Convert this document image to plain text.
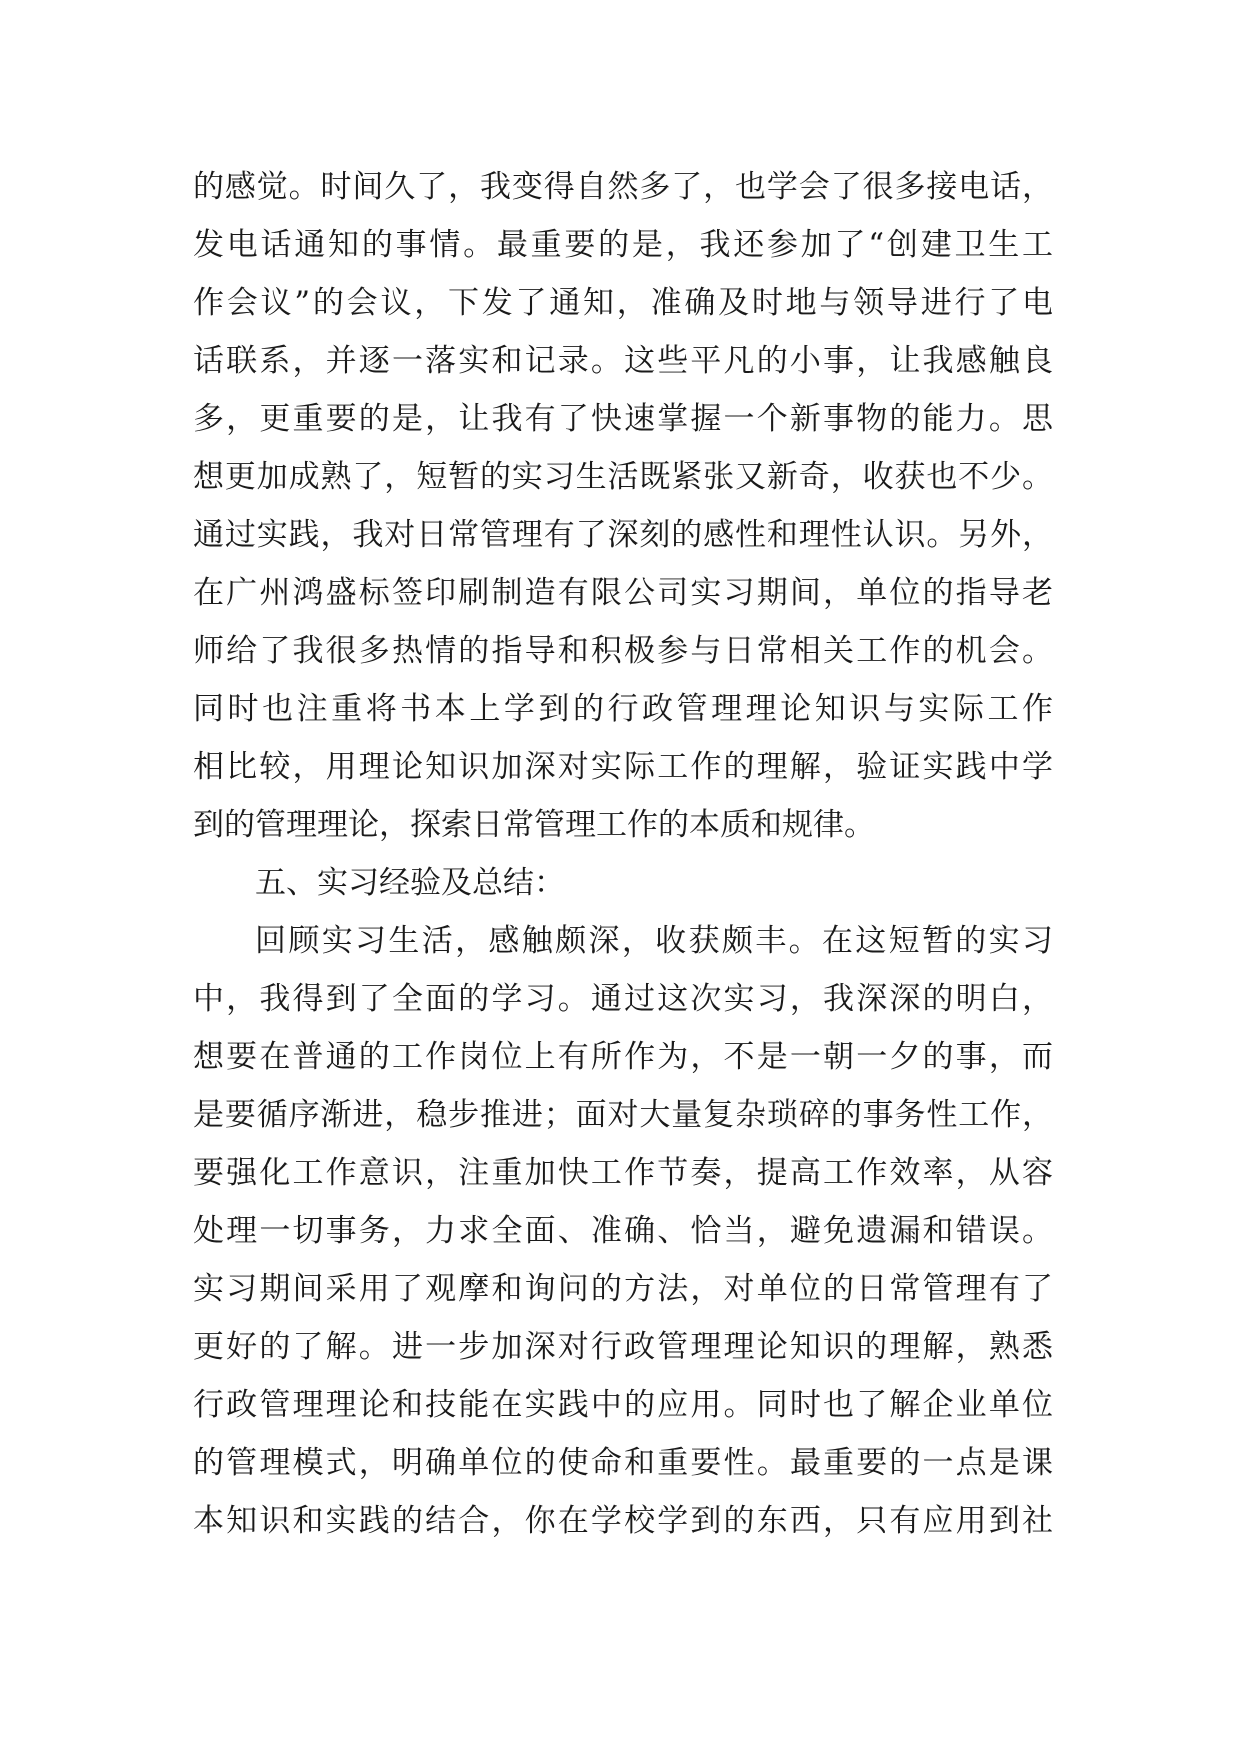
的感觉。时间久了，我变得自然多了，也学会了很多接电话，
发电话通知的事情。最重要的是，我还参加了“创建卫生工
作会议”的会议，下发了通知，准确及时地与领导进行了电
话联系，并逐一落实和记录。这些平凡的小事，让我感触良
多，更重要的是，让我有了快速掌握一个新事物的能力。思
想更加成熟了，短暂的实习生活既紧张又新奇，收获也不少。
通过实践，我对日常管理有了深刻的感性和理性认识。另外，
在广州鸿盛标签印刷制造有限公司实习期间，单位的指导老
师给了我很多热情的指导和积极参与日常相关工作的机会。
同时也注重将书本上学到的行政管理理论知识与实际工作
相比较，用理论知识加深对实际工作的理解，验证实践中学
到的管理理论，探索日常管理工作的本质和规律。
五、实习经验及总结：
回顾实习生活，感触颇深，收获颇丰。在这短暂的实习
中，我得到了全面的学习。通过这次实习，我深深的明白，
想要在普通的工作岗位上有所作为，不是一朝一夕的事，而
是要循序渐进，稳步推进；面对大量复杂琐碎的事务性工作，
要强化工作意识，注重加快工作节奏，提高工作效率，从容
处理一切事务，力求全面、准确、恰当，避免遗漏和错误。
实习期间采用了观摩和询问的方法，对单位的日常管理有了
更好的了解。进一步加深对行政管理理论知识的理解，熟悉
行政管理理论和技能在实践中的应用。同时也了解企业单位
的管理模式，明确单位的使命和重要性。最重要的一点是课
本知识和实践的结合，你在学校学到的东西，只有应用到社
